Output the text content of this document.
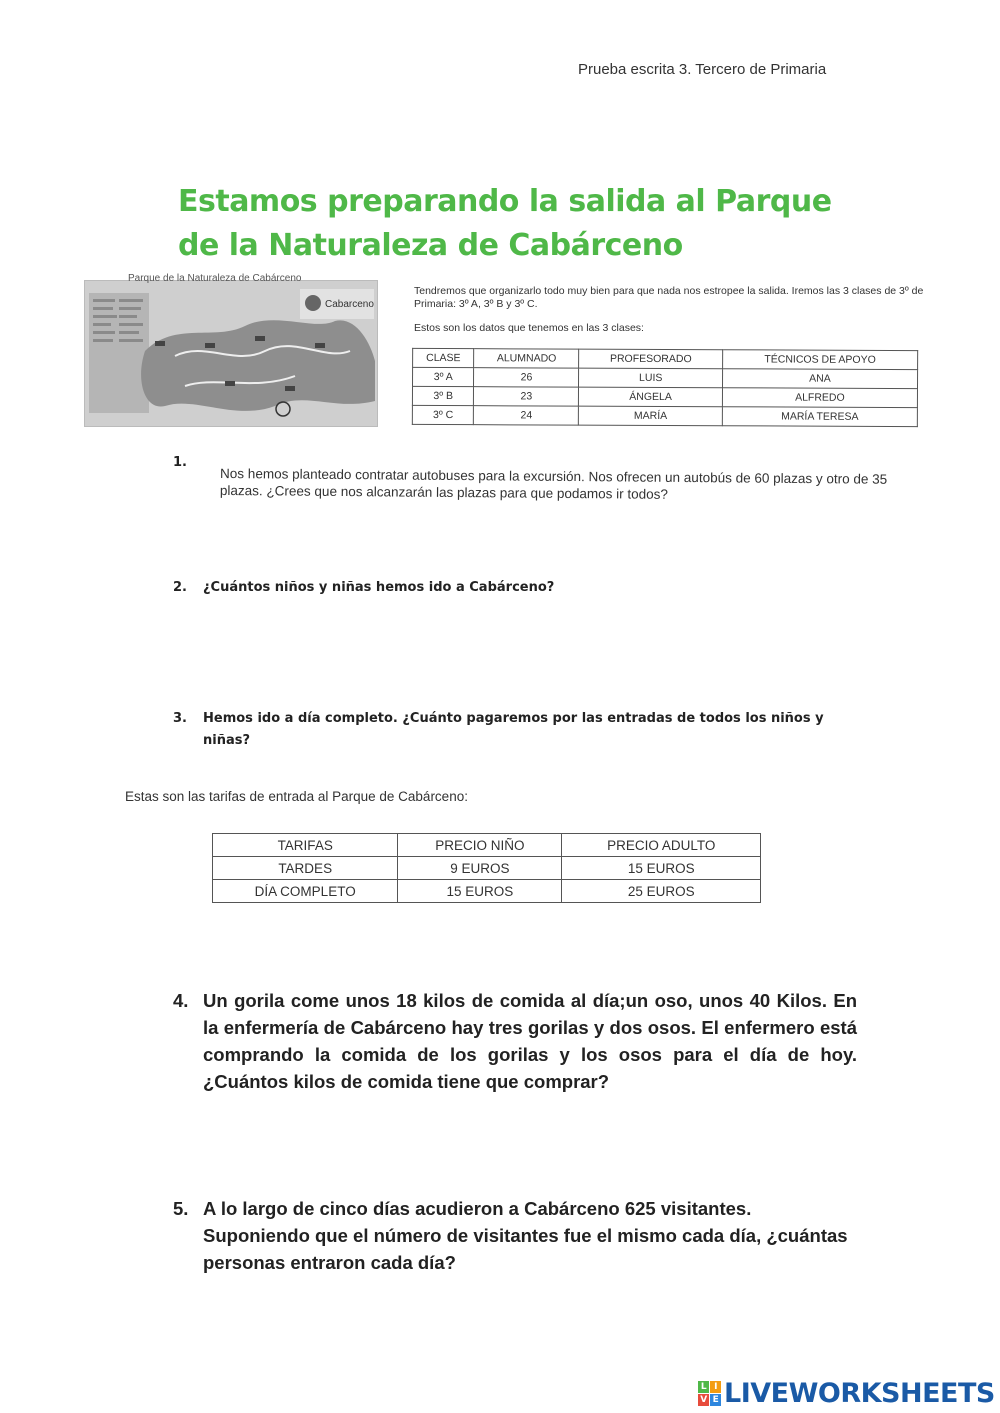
Prueba escrita 3. Tercero de Primaria
Estamos preparando la salida al Parque
de la Naturaleza de Cabárceno
Cabarceno
Parque de la Naturaleza de Cabárceno
Tendremos que organizarlo todo muy bien para que nada nos estropee la salida. Iremos las 3 clases de 3º de Primaria: 3º A, 3º B y 3º C.
Estos son los datos que tenemos en las 3 clases:
CLASE	ALUMNADO	PROFESORADO	TÉCNICOS DE APOYO
3º A	26	LUIS	ANA
3º B	23	ÁNGELA	ALFREDO
3º C	24	MARÍA	MARÍA TERESA
1.
Nos hemos planteado contratar autobuses para la excursión. Nos ofrecen un autobús de 60 plazas y otro de 35 plazas. ¿Crees que nos alcanzarán las plazas para que podamos ir todos?
2.	¿Cuántos niños y niñas hemos ido a Cabárceno?
3.	Hemos ido a día completo. ¿Cuánto pagaremos por las entradas de todos los niños y niñas?
Estas son las tarifas de entrada al Parque de Cabárceno:
TARIFAS	PRECIO NIÑO	PRECIO ADULTO
TARDES	9 EUROS	15 EUROS
DÍA COMPLETO	15 EUROS	25 EUROS
4. Un gorila come unos 18 kilos de comida al día;un oso, unos 40 Kilos. En la enfermería de Cabárceno hay tres gorilas y dos osos. El enfermero está comprando la comida de los gorilas y los osos para el día de hoy. ¿Cuántos kilos de comida tiene que comprar?
5. A lo largo de cinco días acudieron a Cabárceno 625 visitantes. Suponiendo que el número de visitantes fue el mismo cada día, ¿cuántas personas entraron cada día?
L I
V E LIVEWORKSHEETS
